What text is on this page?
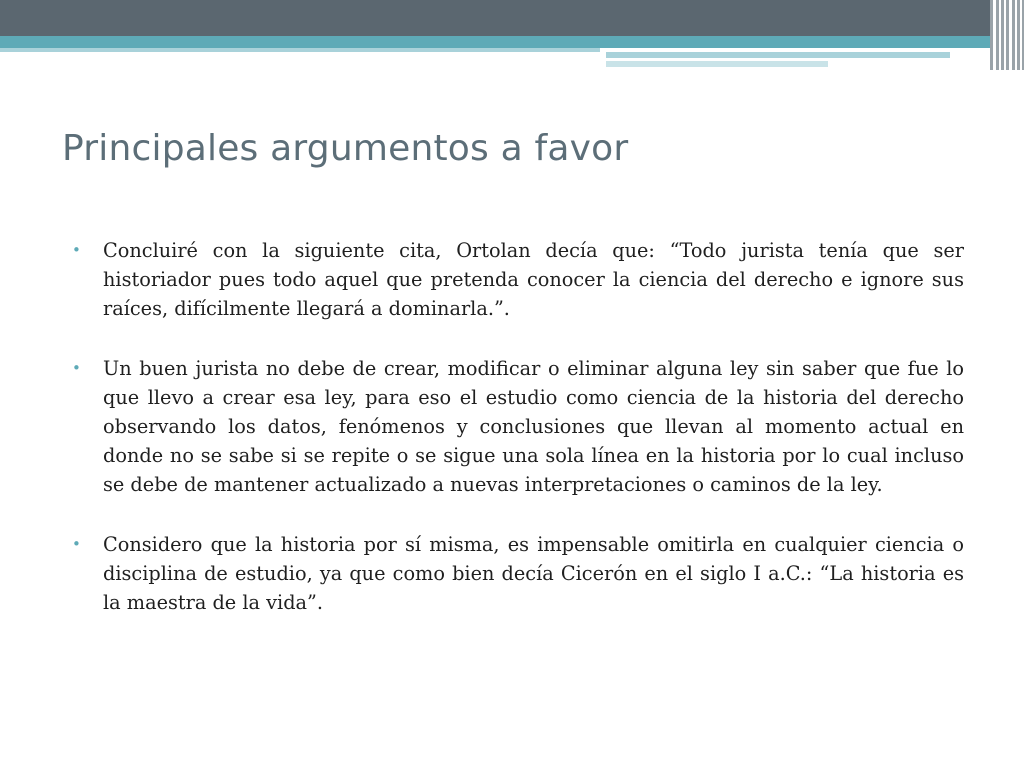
Principales argumentos a favor
• Concluiré con la siguiente cita, Ortolan decía que: “Todo jurista tenía que ser historiador pues todo aquel que pretenda conocer la ciencia del derecho e ignore sus raíces, difícilmente llegará a dominarla.”.
• Un buen jurista no debe de crear, modificar o eliminar alguna ley sin saber que fue lo que llevo a crear esa ley, para eso el estudio como ciencia de la historia del derecho observando los datos, fenómenos y conclusiones que llevan al momento actual en donde no se sabe si se repite o se sigue una sola línea en la historia por lo cual incluso se debe de mantener actualizado a nuevas interpretaciones o caminos de la ley.
• Considero que la historia por sí misma, es impensable omitirla en cualquier ciencia o disciplina de estudio, ya que como bien decía Cicerón en el siglo I a.C.: “La historia es la maestra de la vida”.
